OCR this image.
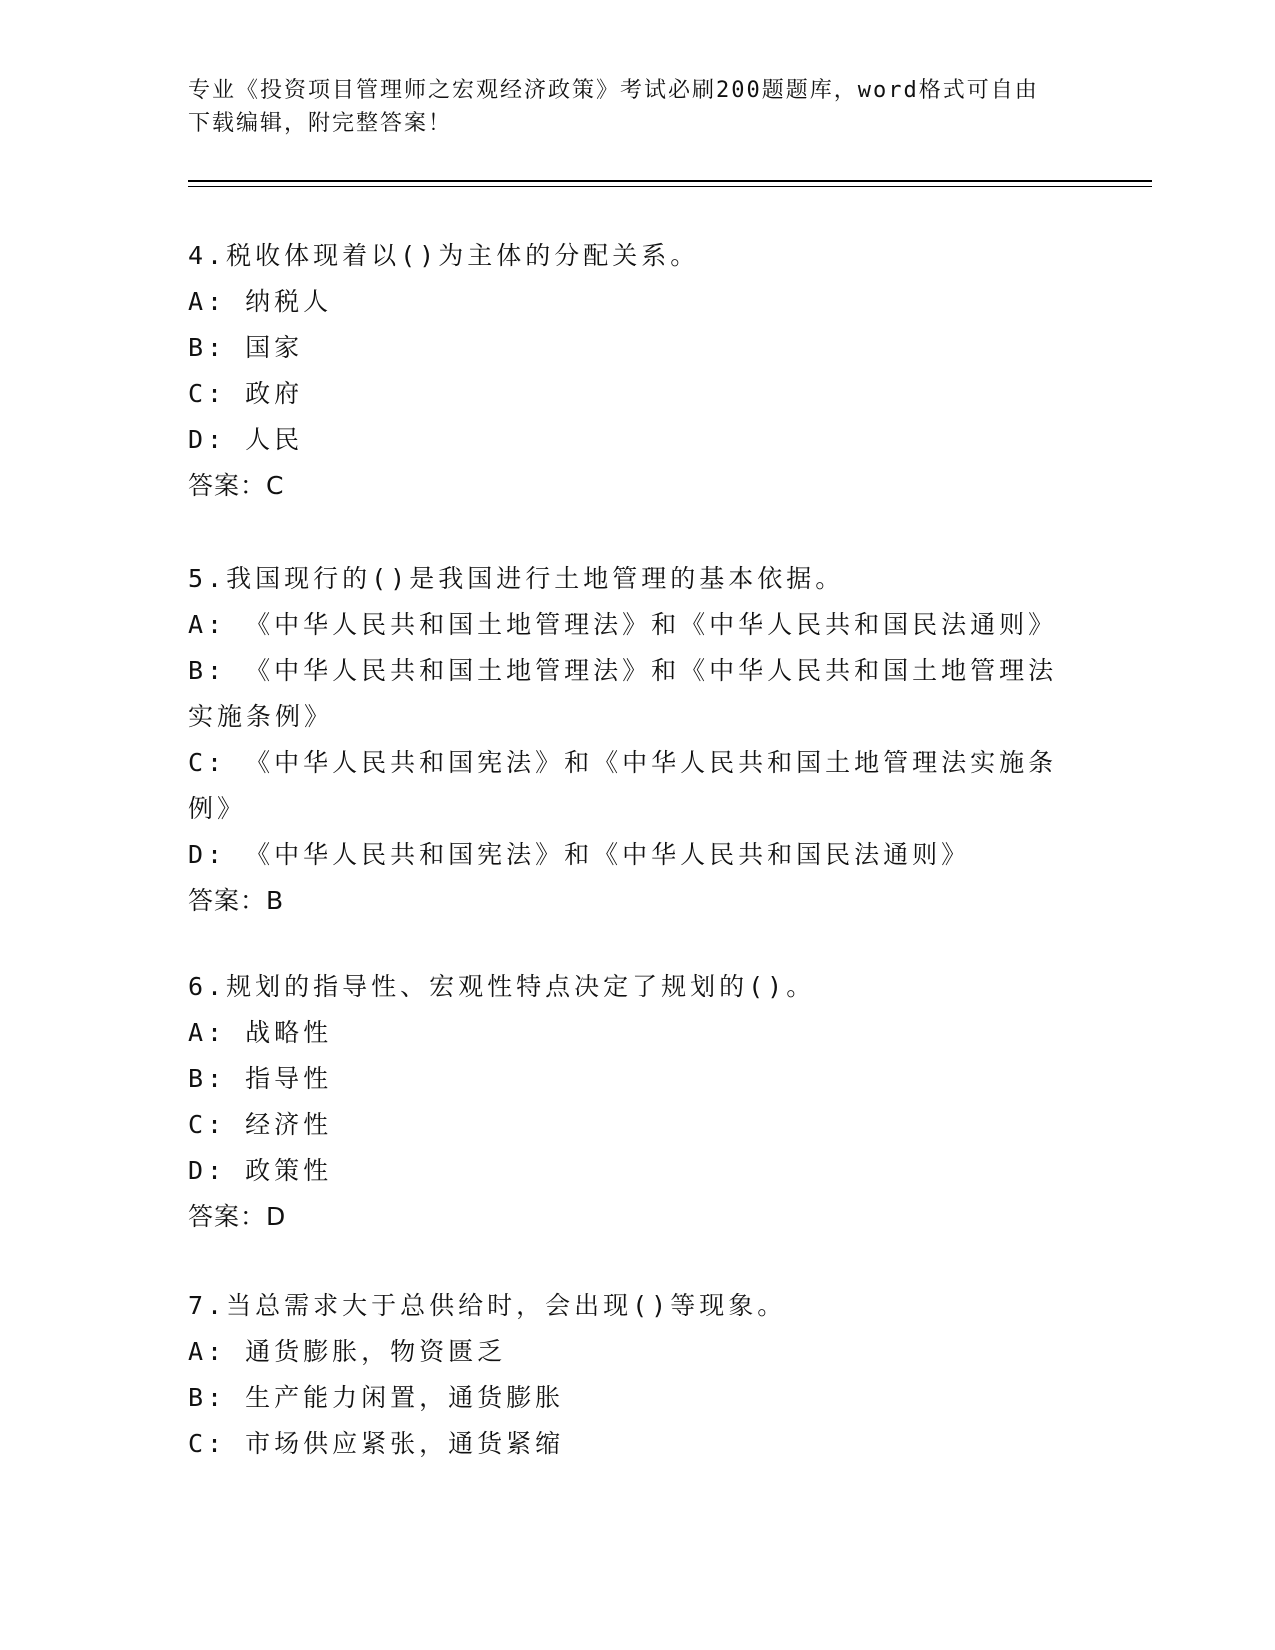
专业《投资项目管理师之宏观经济政策》考试必刷200题题库，word格式可自由
下载编辑，附完整答案！
4.税收体现着以()为主体的分配关系。
A: 纳税人
B: 国家
C: 政府
D: 人民
答案：C
5.我国现行的()是我国进行土地管理的基本依据。
A: 《中华人民共和国土地管理法》和《中华人民共和国民法通则》
B: 《中华人民共和国土地管理法》和《中华人民共和国土地管理法实施条例》
C: 《中华人民共和国宪法》和《中华人民共和国土地管理法实施条例》
D: 《中华人民共和国宪法》和《中华人民共和国民法通则》
答案：B
6.规划的指导性、宏观性特点决定了规划的()。
A: 战略性
B: 指导性
C: 经济性
D: 政策性
答案：D
7.当总需求大于总供给时，会出现()等现象。
A: 通货膨胀，物资匮乏
B: 生产能力闲置，通货膨胀
C: 市场供应紧张，通货紧缩
